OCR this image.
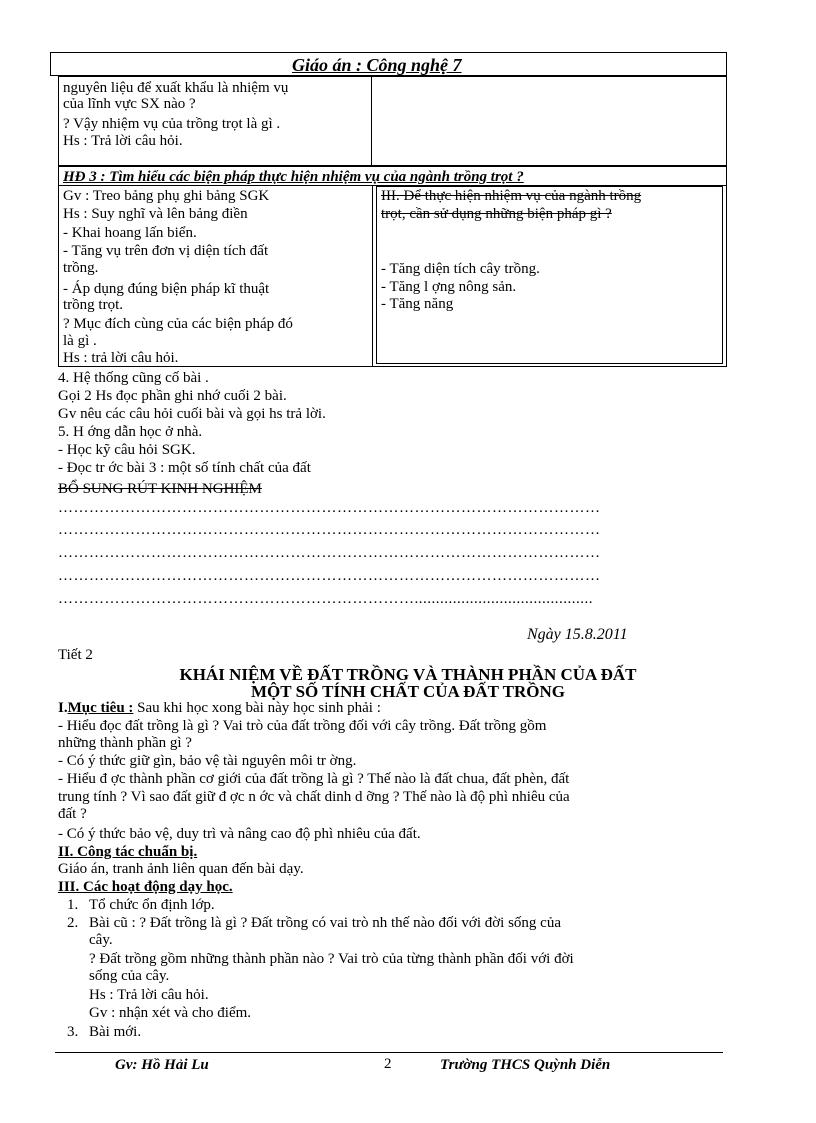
Giáo án : Công nghệ 7
nguyên liệu để xuất khẩu là nhiệm vụ
của lĩnh vực SX nào ?
? Vậy nhiệm vụ của trồng trọt là gì .
Hs : Trả lời câu hỏi.
HĐ 3 : Tìm hiểu các biện pháp thực hiện nhiệm vụ của ngành trồng trọt ?
Gv : Treo bảng phụ ghi bảng SGK
Hs : Suy nghĩ và lên bảng điền
- Khai hoang lấn biển.
- Tăng vụ trên đơn vị diện tích đất
trồng.
- Áp dụng đúng biện pháp kĩ thuật
trồng trọt.
? Mục đích cùng của các biện pháp đó
là gì .
Hs : trả lời câu hỏi.
III. Để thực hiện nhiệm vụ của ngành trồng
trọt, cần sử dụng những biện pháp gì ?
- Tăng diện tích cây trồng.
- Tăng l ợng nông sản.
- Tăng năng
4. Hệ thống cũng cố bài .
Gọi 2 Hs đọc phần ghi nhớ cuối 2 bài.
Gv nêu các câu hỏi cuối bài và gọi hs trả lời.
5. H ớng dẫn học ở nhà.
- Học kỹ câu hỏi SGK.
- Đọc tr ớc bài 3 : một số tính chất của đất
BỔ SUNG RÚT KINH NGHIỆM
……………………………………………………………………………………………
……………………………………………………………………………………………
……………………………………………………………………………………………
……………………………………………………………………………………………
……………………………………………………………..........................................
Ngày 15.8.2011
Tiết 2
KHÁI NIỆM VỀ ĐẤT TRỒNG VÀ THÀNH PHẦN CỦA ĐẤT
MỘT SỐ TÍNH CHẤT CỦA ĐẤT TRỒNG
I.Mục tiêu : Sau khi học xong bài này học sinh phải :
- Hiểu đọc đất trồng là gì ? Vai trò của đất trồng đối với cây trồng. Đất trồng gồm
những thành phần gì ?
- Có ý thức giữ gìn, bảo vệ tài nguyên môi tr ờng.
- Hiểu đ ợc thành phần cơ giới của đất trồng là gì ? Thế nào là đất chua, đất phèn, đất
trung tính ? Vì sao đất giữ đ ợc n ớc và chất dinh d ỡng ? Thế nào là độ phì nhiêu của
đất ?
- Có ý thức bảo vệ, duy trì và nâng cao độ phì nhiêu của đất.
II. Công tác chuẩn bị.
Giáo án, tranh ảnh liên quan đến bài dạy.
III. Các hoạt động dạy học.
1. Tổ chức ổn định lớp.
2. Bài cũ : ? Đất trồng là gì ? Đất trồng có vai trò nh thế nào đối với đời sống của
cây.
? Đất trồng gồm những thành phần nào ? Vai trò của từng thành phần đối với đời
sống của cây.
Hs : Trả lời câu hỏi.
Gv : nhận xét và cho điểm.
3. Bài mới.
Gv: Hồ Hải Lu	2	Trường THCS Quỳnh Diễn
